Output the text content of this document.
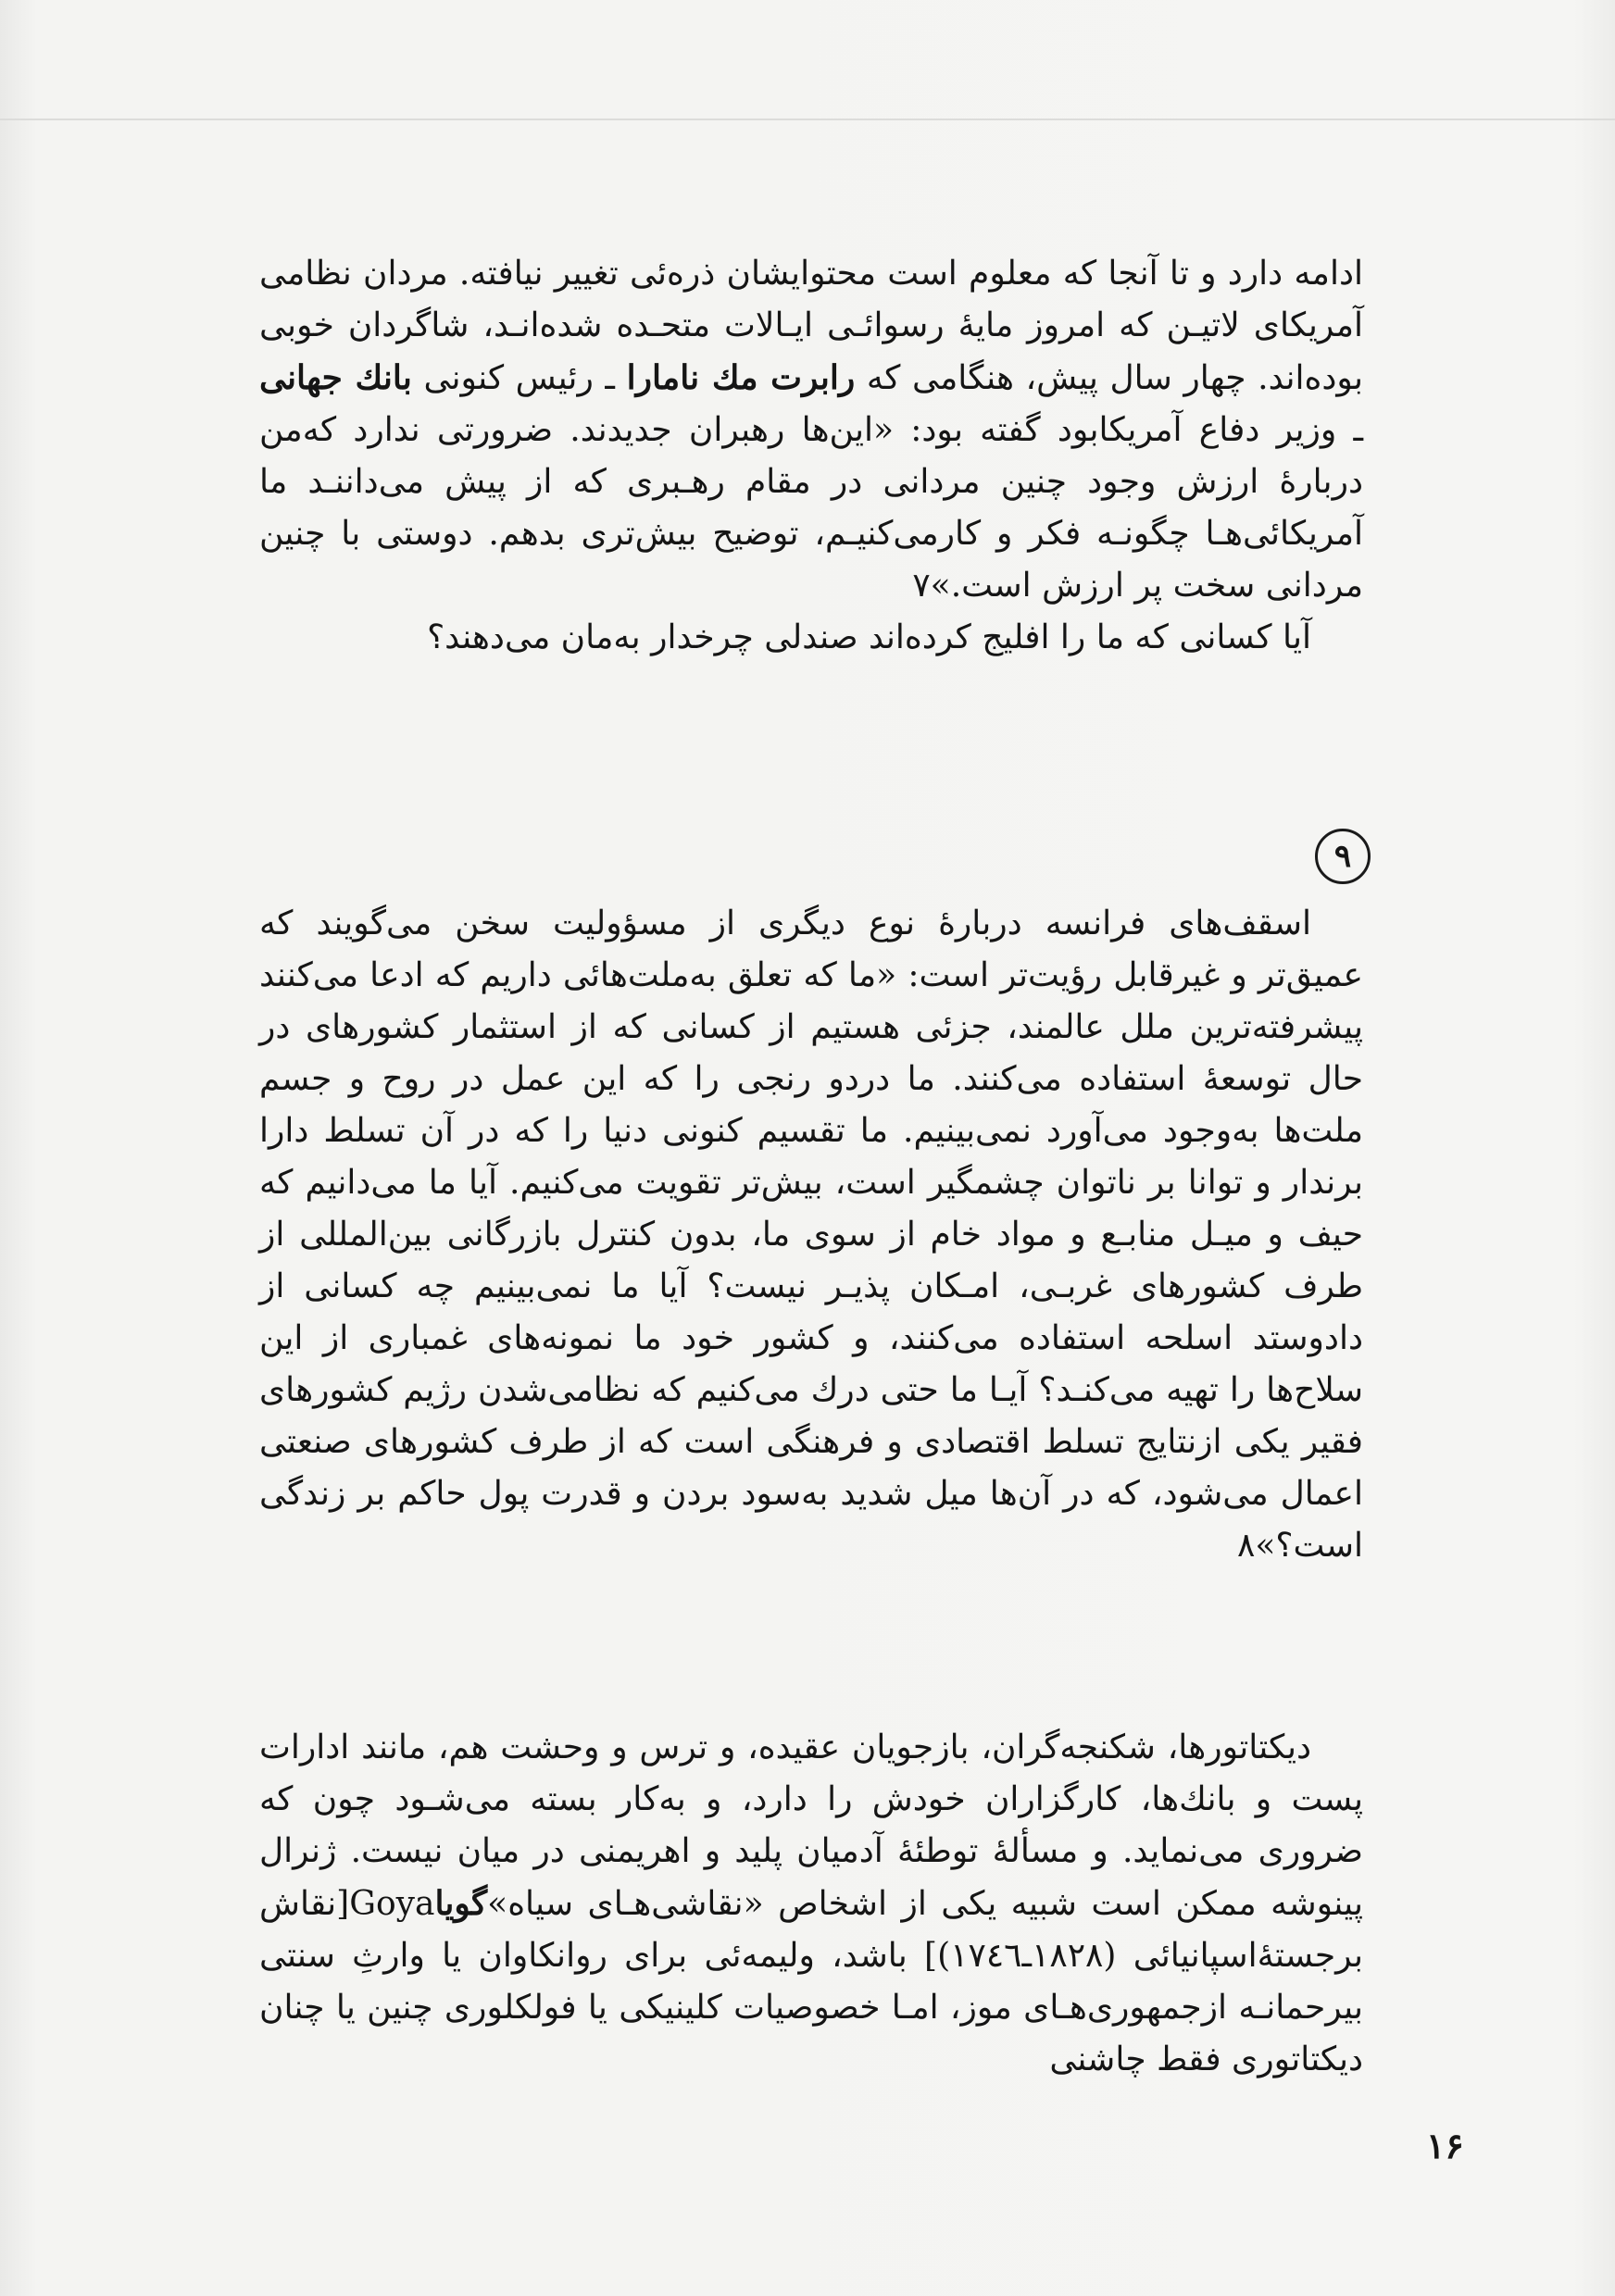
ادامه دارد و تا آنجا که معلوم است محتوایشان ذره‌ئی تغییر نیافته. مردان نظامی آمریکای لاتیـن که امروز مایهٔ رسوائـی ایـالات متحـده شده‌انـد، شاگردان خوبی بوده‌اند. چهار سال پیش، هنگامی که رابرت مك نامارا ـ رئیس کنونی بانك جهانی ـ وزیر دفاع آمریکابود گفته بود: «این‌ها رهبران جدیدند. ضرورتی ندارد که‌من دربارهٔ ارزش وجود چنین مردانی در مقام رهـبری که از پیش می‌داننـد ما آمریکائی‌هـا چگونـه فکر و کارمی‌کنیـم، توضیح بیش‌تری بدهم. دوستی با چنین مردانی سخت پر ارزش است.»٧

آیا کسانی که ما را افلیج کرده‌اند صندلی چرخدار به‌مان می‌دهند؟

۹

اسقف‌های فرانسه دربارهٔ نوع دیگری از مسؤولیت سخن می‌گویند که عمیق‌تر و غیرقابل رؤیت‌تر است: «ما که تعلق به‌ملت‌هائی داریم که ادعا می‌کنند پیشرفته‌ترین ملل عالمند، جزئی هستیم از کسانی که از استثمار کشورهای در حال توسعهٔ استفاده می‌کنند. ما دردو رنجی را که این عمل در روح و جسم ملت‌ها به‌وجود می‌آورد نمی‌بینیم. ما تقسیم کنونی دنیا را که در آن تسلط دارا برندار و توانا بر ناتوان چشمگیر است، بیش‌تر تقویت می‌کنیم. آیا ما می‌دانیم که حیف و میـل منابـع و مواد خام از سوی ما، بدون کنترل بازرگانی بین‌المللی از طرف کشورهای غربـی، امـکان پذیـر نیست؟ آیا ما نمی‌بینیم چه کسانی از دادوستد اسلحه استفاده می‌کنند، و کشور خود ما نمونه‌های غمباری از این سلاح‌ها را تهیه می‌کنـد؟ آیـا ما حتی درك می‌کنیم که نظامی‌شدن رژیم کشورهای فقیر یکی ازنتایج تسلط اقتصادی و فرهنگی است که از طرف کشورهای صنعتی اعمال می‌شود، که در آن‌ها میل شدید به‌سود بردن و قدرت پول حاکم بر زندگی است؟»٨

دیکتاتورها، شکنجه‌گران، بازجویان عقیده، و ترس و وحشت هم، مانند ادارات پست و بانك‌ها، کارگزاران خودش را دارد، و به‌کار بسته می‌شـود چون که ضروری می‌نماید. و مسألهٔ توطئهٔ آدمیان پلید و اهریمنی در میان نیست. ژنرال پینوشه ممکن است شبیه یکی از اشخاص «نقاشی‌هـای سیاه»گویاGoya[نقاش برجستهٔ‌اسپانیائی (١٨٢٨ـ١٧٤٦)] باشد، ولیمه‌ئی برای روانکاوان یا وارثِ سنتی بیرحمانـه ازجمهوری‌هـای موز، امـا خصوصیات کلینیکی یا فولکلوری چنین یا چنان دیکتاتوری فقط چاشنی

۱۶
